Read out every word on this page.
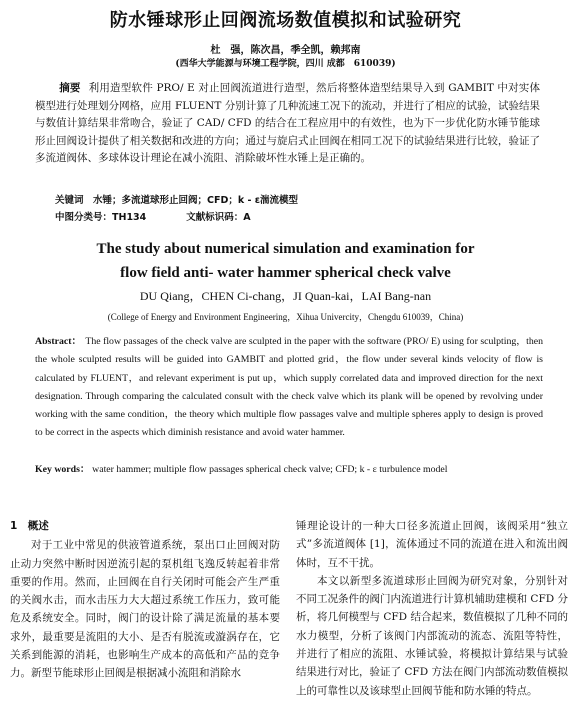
防水锤球形止回阀流场数值模拟和试验研究
杜　强，陈次昌，季全凯，赖邦南
(西华大学能源与环境工程学院，四川 成都　610039)
摘要 利用造型软件 PRO/ E 对止回阀流道进行造型，然后将整体造型结果导入到 GAMBIT 中对实体模型进行处理划分网格，应用 FLUENT 分别计算了几种流速工况下的流动，并进行了相应的试验，试验结果与数值计算结果非常吻合，验证了 CAD/ CFD 的结合在工程应用中的有效性，也为下一步优化防水锤节能球形止回阀设计提供了相关数据和改进的方向；通过与旋启式止回阀在相同工况下的试验结果进行比较，验证了多流道阀体、多球体设计理论在减小流阻、消除破坏性水锤上是正确的。
关键词　 水锤；多流道球形止回阀；CFD；k - ε湍流模型
中图分类号：TH134	文献标识码：A
The study about numerical simulation and examination for
flow field anti- water hammer spherical check valve
DU Qiang，CHEN Ci-chang，JI Quan-kai，LAI Bang-nan
(College of Energy and Environment Engineering，Xihua Univercity，Chengdu 610039，China)
Abstract： The flow passages of the check valve are sculpted in the paper with the software (PRO/ E) using for sculpting，then the whole sculpted results will be guided into GAMBIT and plotted grid，the flow under several kinds velocity of flow is calculated by FLUENT，and relevant experiment is put up，which supply correlated data and improved direction for the next designation. Through comparing the calculated consult with the check valve which its plank will be opened by revolving under working with the same condition，the theory which multiple flow passages valve and multiple spheres apply to design is proved to be correct in the aspects which diminish resistance and avoid water hammer.
Key words： water hammer; multiple flow passages spherical check valve; CFD; k - ε turbulence model
1　概述

对于工业中常见的供液管道系统，泵出口止回阀对防止动力突然中断时因逆流引起的泵机组飞逸反转起着非常重要的作用。然而，止回阀在自行关闭时可能会产生严重的关阀水击，而水击压力大大超过系统工作压力，致可能危及系统安全。同时，阀门的设计除了满足流量的基本要求外，最重要是流阻的大小、是否有脱流或漩涡存在，它关系到能源的消耗，也影响生产成本的高低和产品的竞争力。新型节能球形止回阀是根据减小流阻和消除水

锤理论设计的一种大口径多流道止回阀，该阀采用“独立式”多流道阀体 [1]，流体通过不同的流道在进入和流出阀体时，互不干扰。

本文以新型多流道球形止回阀为研究对象，分别针对不同工况条件的阀门内流道进行计算机辅助建模和 CFD 分析，将几何模型与 CFD 结合起来，数值模拟了几种不同的水力模型，分析了该阀门内部流动的流态、流阻等特性，并进行了相应的流阻、水锤试验，将模拟计算结果与试验结果进行对比，验证了 CFD 方法在阀门内部流动数值模拟上的可靠性以及该球型止回阀节能和防水锤的特点。
